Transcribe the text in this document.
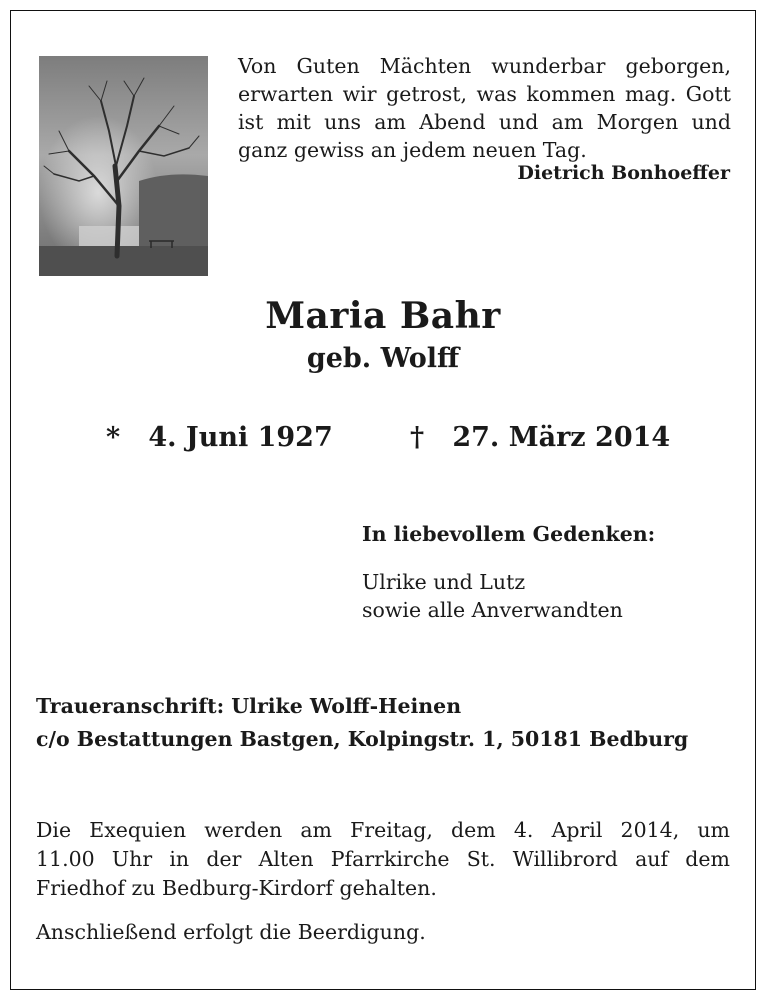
Von Guten Mächten wunderbar geborgen,
erwarten wir getrost, was kommen mag. Gott
ist mit uns am Abend und am Morgen und
ganz gewiss an jedem neuen Tag.
Dietrich Bonhoeffer
Maria Bahr
geb. Wolff
* 4. Juni 1927	† 27. März 2014
In liebevollem Gedenken:
Ulrike und Lutz
sowie alle Anverwandten
Traueranschrift: Ulrike Wolff-Heinen
c/o Bestattungen Bastgen, Kolpingstr. 1, 50181 Bedburg
Die Exequien werden am Freitag, dem 4. April 2014, um
11.00 Uhr in der Alten Pfarrkirche St. Willibrord auf dem
Friedhof zu Bedburg-Kirdorf gehalten.
Anschließend erfolgt die Beerdigung.
